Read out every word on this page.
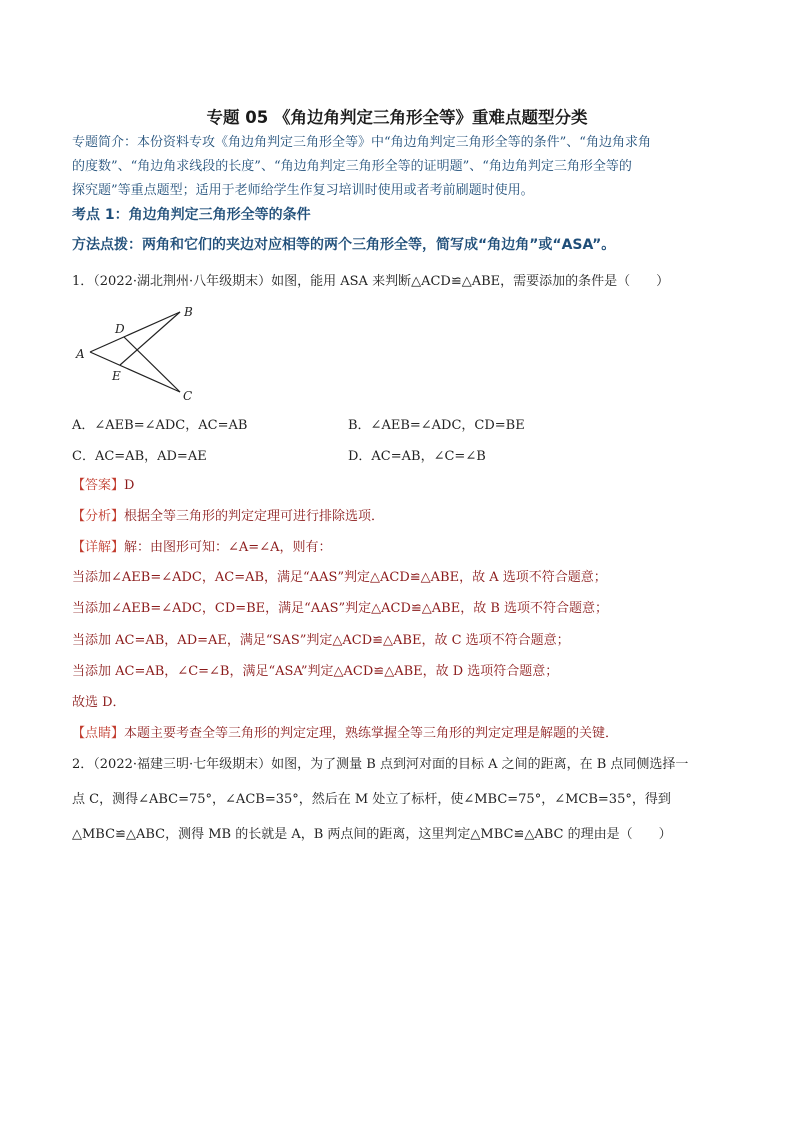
专题 05 《角边角判定三角形全等》重难点题型分类
专题简介：本份资料专攻《角边角判定三角形全等》中“角边角判定三角形全等的条件”、“角边角求角
的度数”、“角边角求线段的长度”、“角边角判定三角形全等的证明题”、“角边角判定三角形全等的
探究题”等重点题型；适用于老师给学生作复习培训时使用或者考前刷题时使用。
考点 1：角边角判定三角形全等的条件
方法点拨：两角和它们的夹边对应相等的两个三角形全等，简写成“角边角”或“ASA”。
1．（2022·湖北荆州·八年级期末）如图，能用 ASA 来判断△ACD≌△ABE，需要添加的条件是（　　）
A
B
C
D
E
A．∠AEB=∠ADC，AC=AB	B．∠AEB=∠ADC，CD=BE
C．AC=AB，AD=AE	D．AC=AB，∠C=∠B
【答案】D
【分析】根据全等三角形的判定定理可进行排除选项．
【详解】解：由图形可知：∠A=∠A，则有：
当添加∠AEB=∠ADC，AC=AB，满足“AAS”判定△ACD≌△ABE，故 A 选项不符合题意；
当添加∠AEB=∠ADC，CD=BE，满足“AAS”判定△ACD≌△ABE，故 B 选项不符合题意；
当添加 AC=AB，AD=AE，满足“SAS”判定△ACD≌△ABE，故 C 选项不符合题意；
当添加 AC=AB，∠C=∠B，满足“ASA”判定△ACD≌△ABE，故 D 选项符合题意；
故选 D．
【点睛】本题主要考查全等三角形的判定定理，熟练掌握全等三角形的判定定理是解题的关键．
2．（2022·福建三明·七年级期末）如图，为了测量 B 点到河对面的目标 A 之间的距离，在 B 点同侧选择一
点 C，测得∠ABC=75°，∠ACB=35°，然后在 M 处立了标杆，使∠MBC=75°，∠MCB=35°，得到
△MBC≌△ABC，测得 MB 的长就是 A，B 两点间的距离，这里判定△MBC≌△ABC 的理由是（　　）
